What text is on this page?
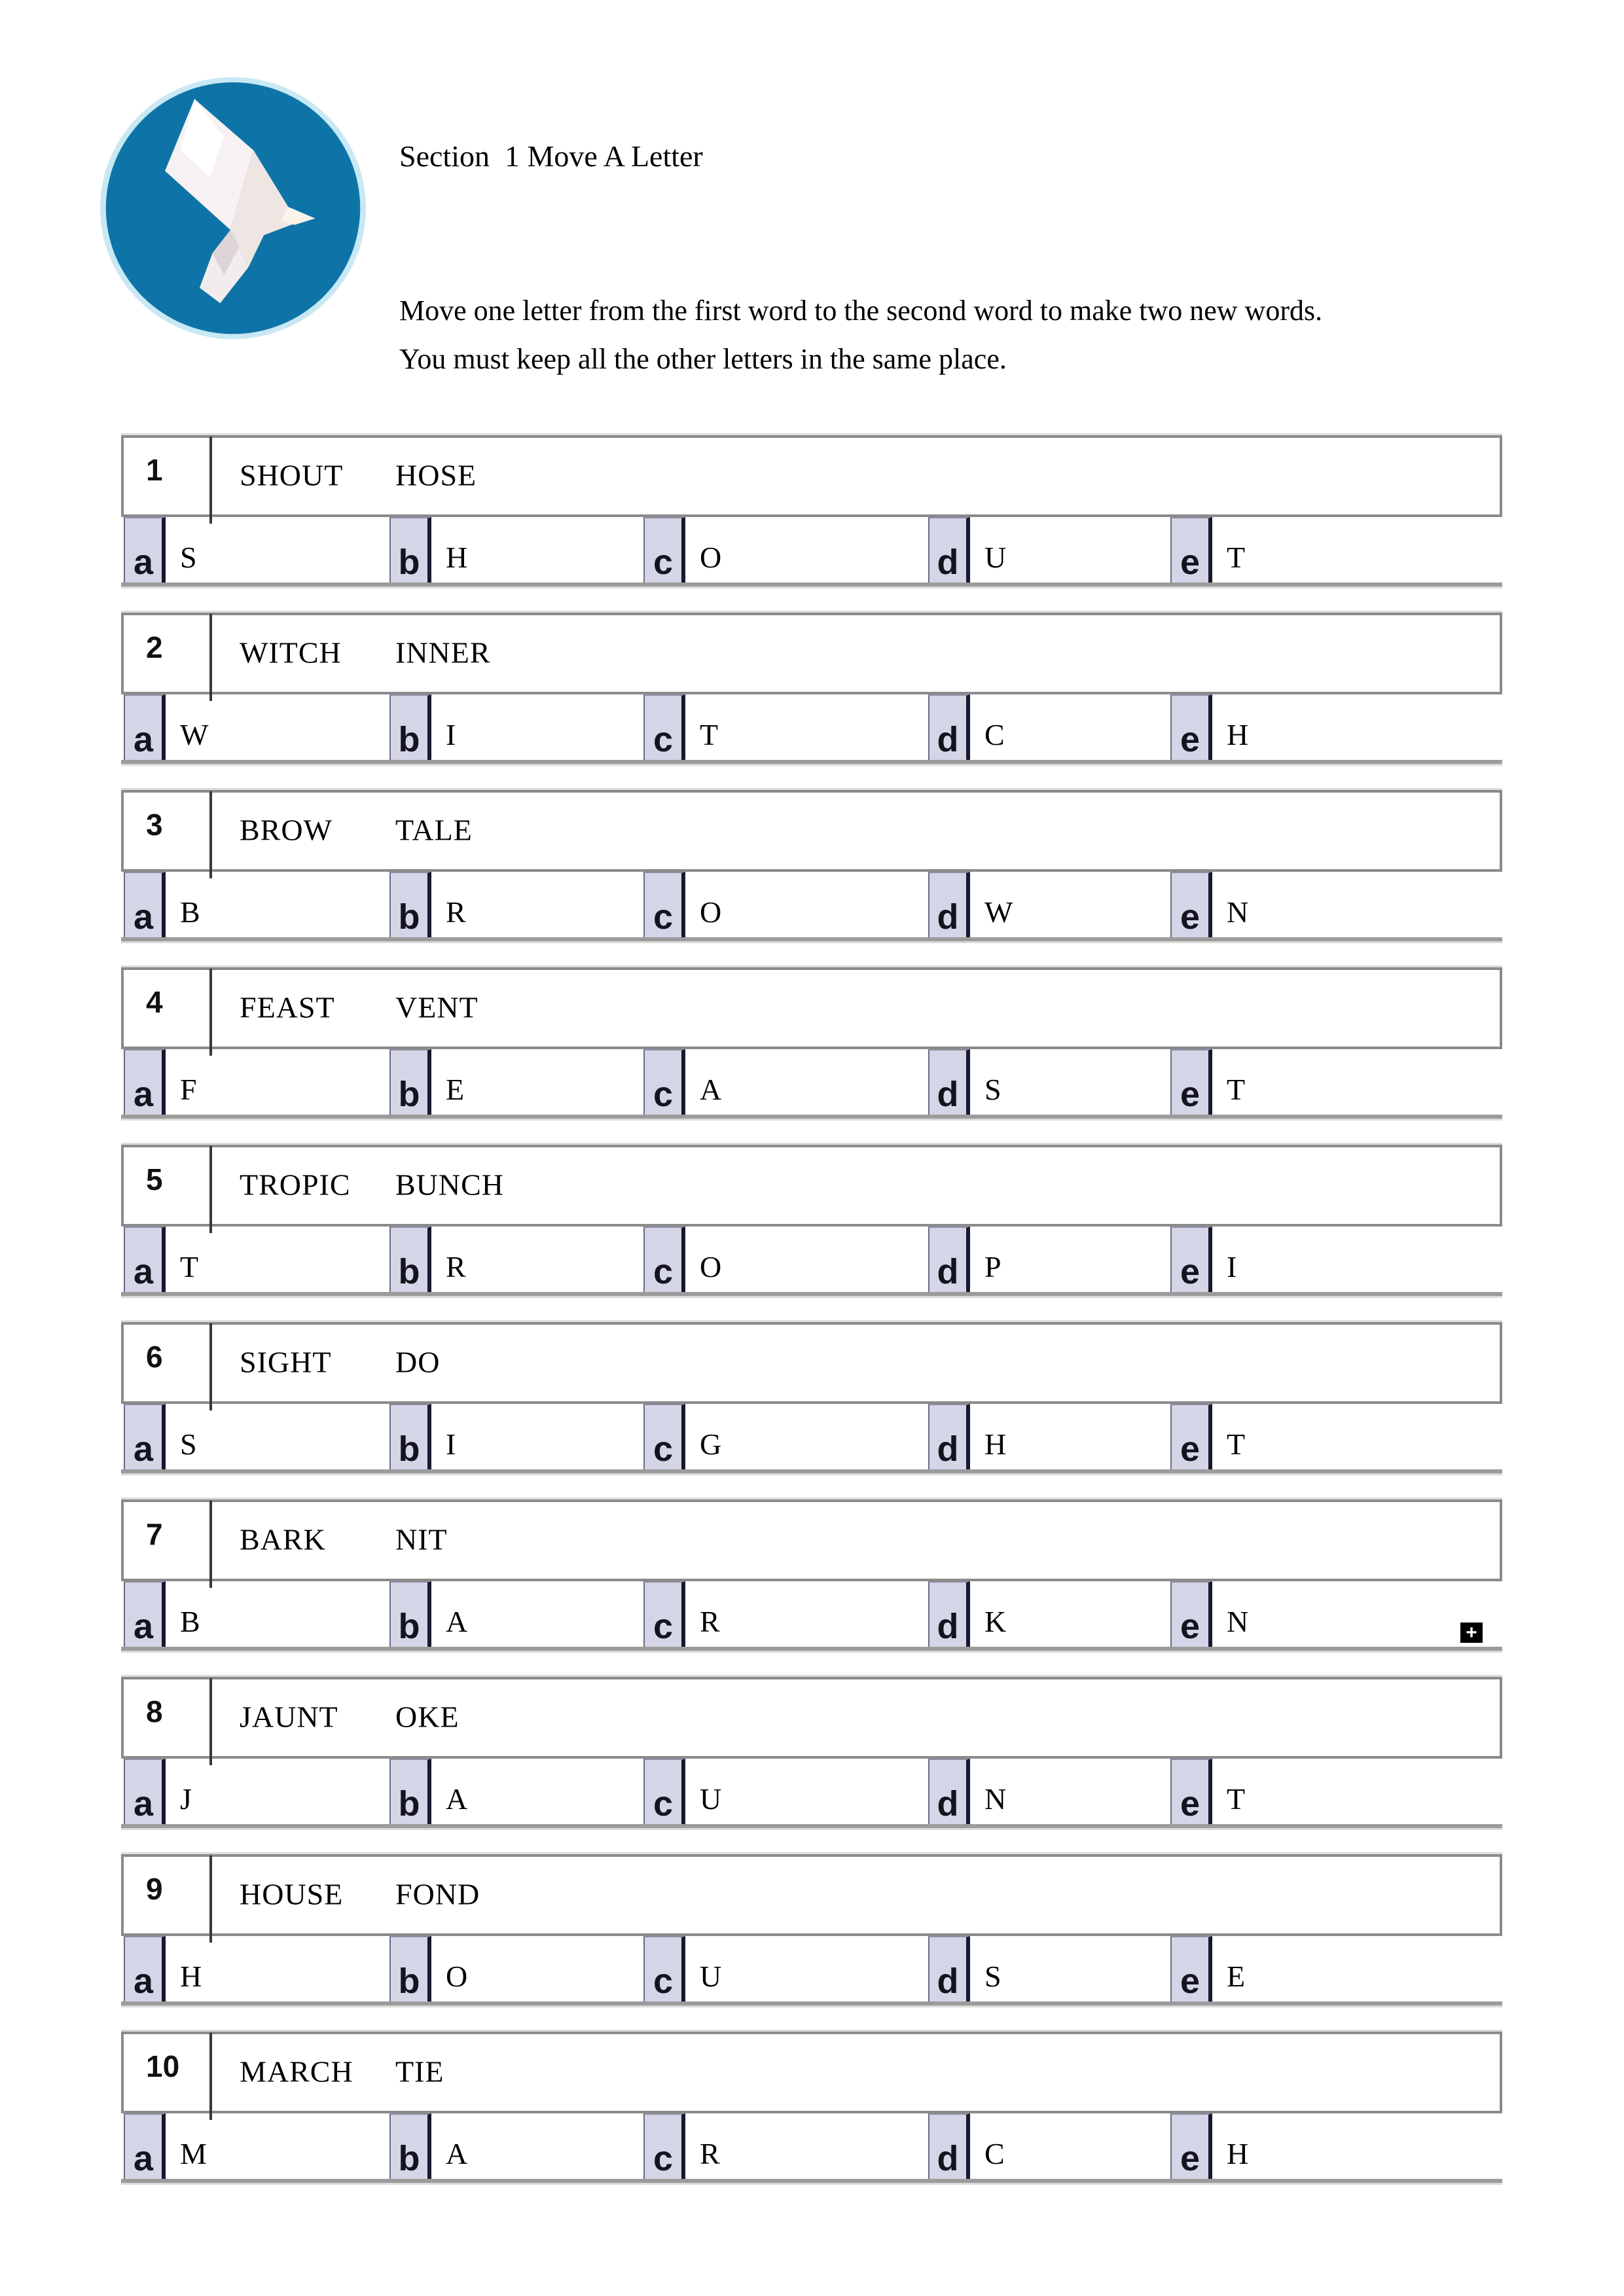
Section  1 Move A Letter
Move one letter from the first word to the second word to make two new words.
You must keep all the other letters in the same place.
1	SHOUT HOSE
a S	b H	c O	d U	e T
2	WITCH INNER
a W	b I	c T	d C	e H
3	BROW TALE
a B	b R	c O	d W	e N
4	FEAST VENT
a F	b E	c A	d S	e T
5	TROPIC BUNCH
a T	b R	c O	d P	e I
6	SIGHT DO
a S	b I	c G	d H	e T
7	BARK NIT
a B	b A	c R	d K	e N	+
8	JAUNT OKE
a J	b A	c U	d N	e T
9	HOUSE FOND
a H	b O	c U	d S	e E
10 MARCH TIE
a M	b A	c R	d C	e H
